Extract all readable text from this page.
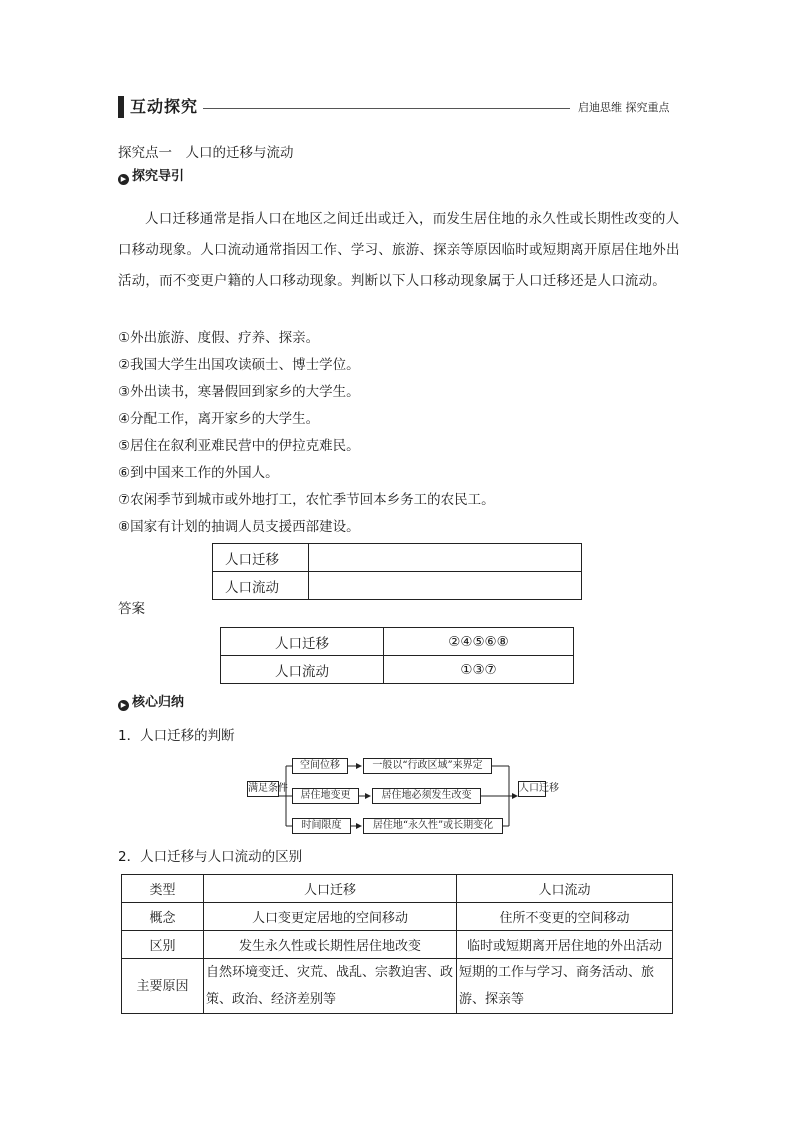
互动探究	启迪思维 探究重点
探究点一　人口的迁移与流动
▶ 探究导引
人口迁移通常是指人口在地区之间迁出或迁入，而发生居住地的永久性或长期性改变的人口移动现象。人口流动通常指因工作、学习、旅游、探亲等原因临时或短期离开原居住地外出活动，而不变更户籍的人口移动现象。判断以下人口移动现象属于人口迁移还是人口流动。
①外出旅游、度假、疗养、探亲。
②我国大学生出国攻读硕士、博士学位。
③外出读书，寒暑假回到家乡的大学生。
④分配工作，离开家乡的大学生。
⑤居住在叙利亚难民营中的伊拉克难民。
⑥到中国来工作的外国人。
⑦农闲季节到城市或外地打工，农忙季节回本乡务工的农民工。
⑧国家有计划的抽调人员支援西部建设。
人口迁移	
人口流动	
答案
人口迁移	②④⑤⑥⑧
人口流动	①③⑦
▶ 核心归纳
1．人口迁移的判断
满足条件
空间位移	一般以“行政区域”来界定
居住地变更	居住地必须发生改变
时间限度	居住地“永久性”或长期变化
人口迁移
2．人口迁移与人口流动的区别
类型	人口迁移	人口流动
概念	人口变更定居地的空间移动	住所不变更的空间移动
区别	发生永久性或长期性居住地改变	临时或短期离开居住地的外出活动
主要原因	自然环境变迁、灾荒、战乱、宗教迫害、政策、政治、经济差别等	短期的工作与学习、商务活动、旅游、探亲等
